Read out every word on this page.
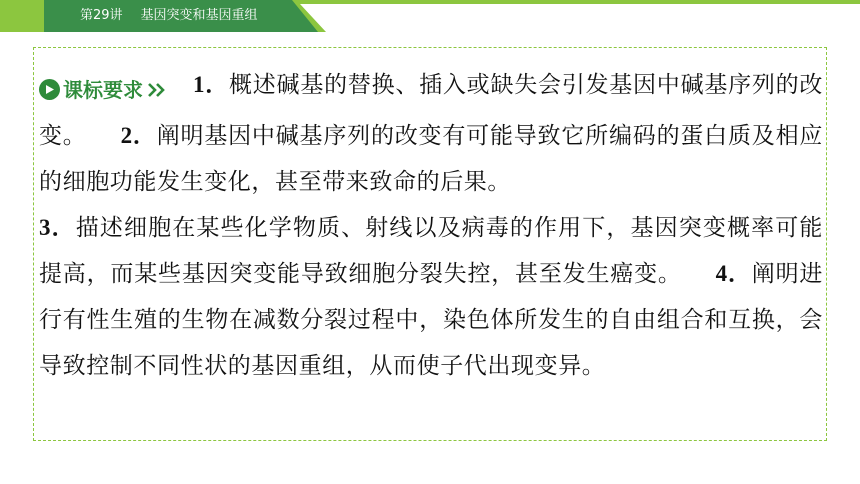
第29讲 基因突变和基因重组
课标要求 1．概述碱基的替换、插入或缺失会引发基因中碱基序列的改变。 2．阐明基因中碱基序列的改变有可能导致它所编码的蛋白质及相应的细胞功能发生变化，甚至带来致命的后果。
3．描述细胞在某些化学物质、射线以及病毒的作用下，基因突变概率可能提高，而某些基因突变能导致细胞分裂失控，甚至发生癌变。 4．阐明进行有性生殖的生物在减数分裂过程中，染色体所发生的自由组合和互换，会导致控制不同性状的基因重组，从而使子代出现变异。
